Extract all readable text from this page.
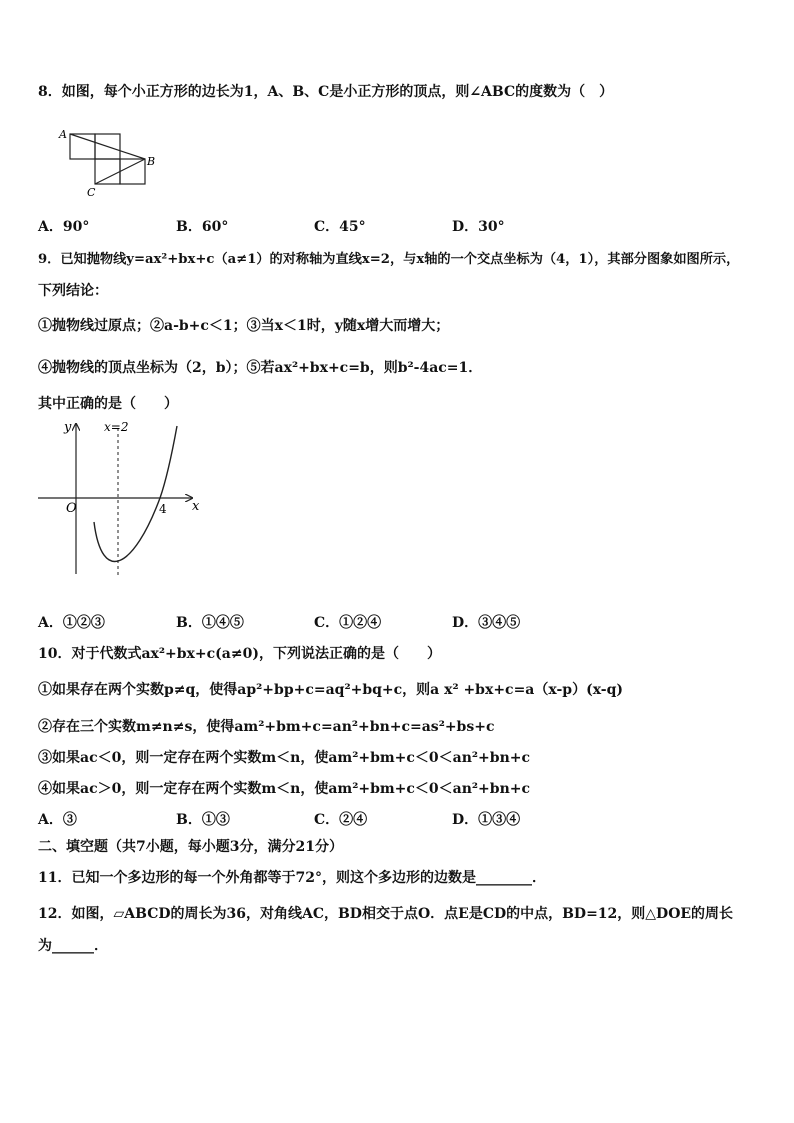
8．如图，每个小正方形的边长为1，A、B、C是小正方形的顶点，则∠ABC的度数为（　）
A
B
C
A．90°	B．60°	C．45°	D．30°
9．已知抛物线y=ax²+bx+c（a≠1）的对称轴为直线x=2，与x轴的一个交点坐标为（4，1），其部分图象如图所示，
下列结论：
①抛物线过原点；②a-b+c＜1；③当x＜1时，y随x增大而增大；
④抛物线的顶点坐标为（2，b）；⑤若ax²+bx+c=b，则b²-4ac=1．
其中正确的是（　　）
y	x=2
x
O	4
A．①②③	B．①④⑤	C．①②④	D．③④⑤
10．对于代数式ax²+bx+c(a≠0)，下列说法正确的是（　　）
①如果存在两个实数p≠q，使得ap²+bp+c=aq²+bq+c，则a x² +bx+c=a（x-p）(x-q)
②存在三个实数m≠n≠s，使得am²+bm+c=an²+bn+c=as²+bs+c
③如果ac＜0，则一定存在两个实数m＜n，使am²+bm+c＜0＜an²+bn+c
④如果ac＞0，则一定存在两个实数m＜n，使am²+bm+c＜0＜an²+bn+c
A．③	B．①③	C．②④	D．①③④
二、填空题（共7小题，每小题3分，满分21分）
11．已知一个多边形的每一个外角都等于72°，则这个多边形的边数是________．
12．如图，▱ABCD的周长为36，对角线AC，BD相交于点O．点E是CD的中点，BD=12，则△DOE的周长
为______．
